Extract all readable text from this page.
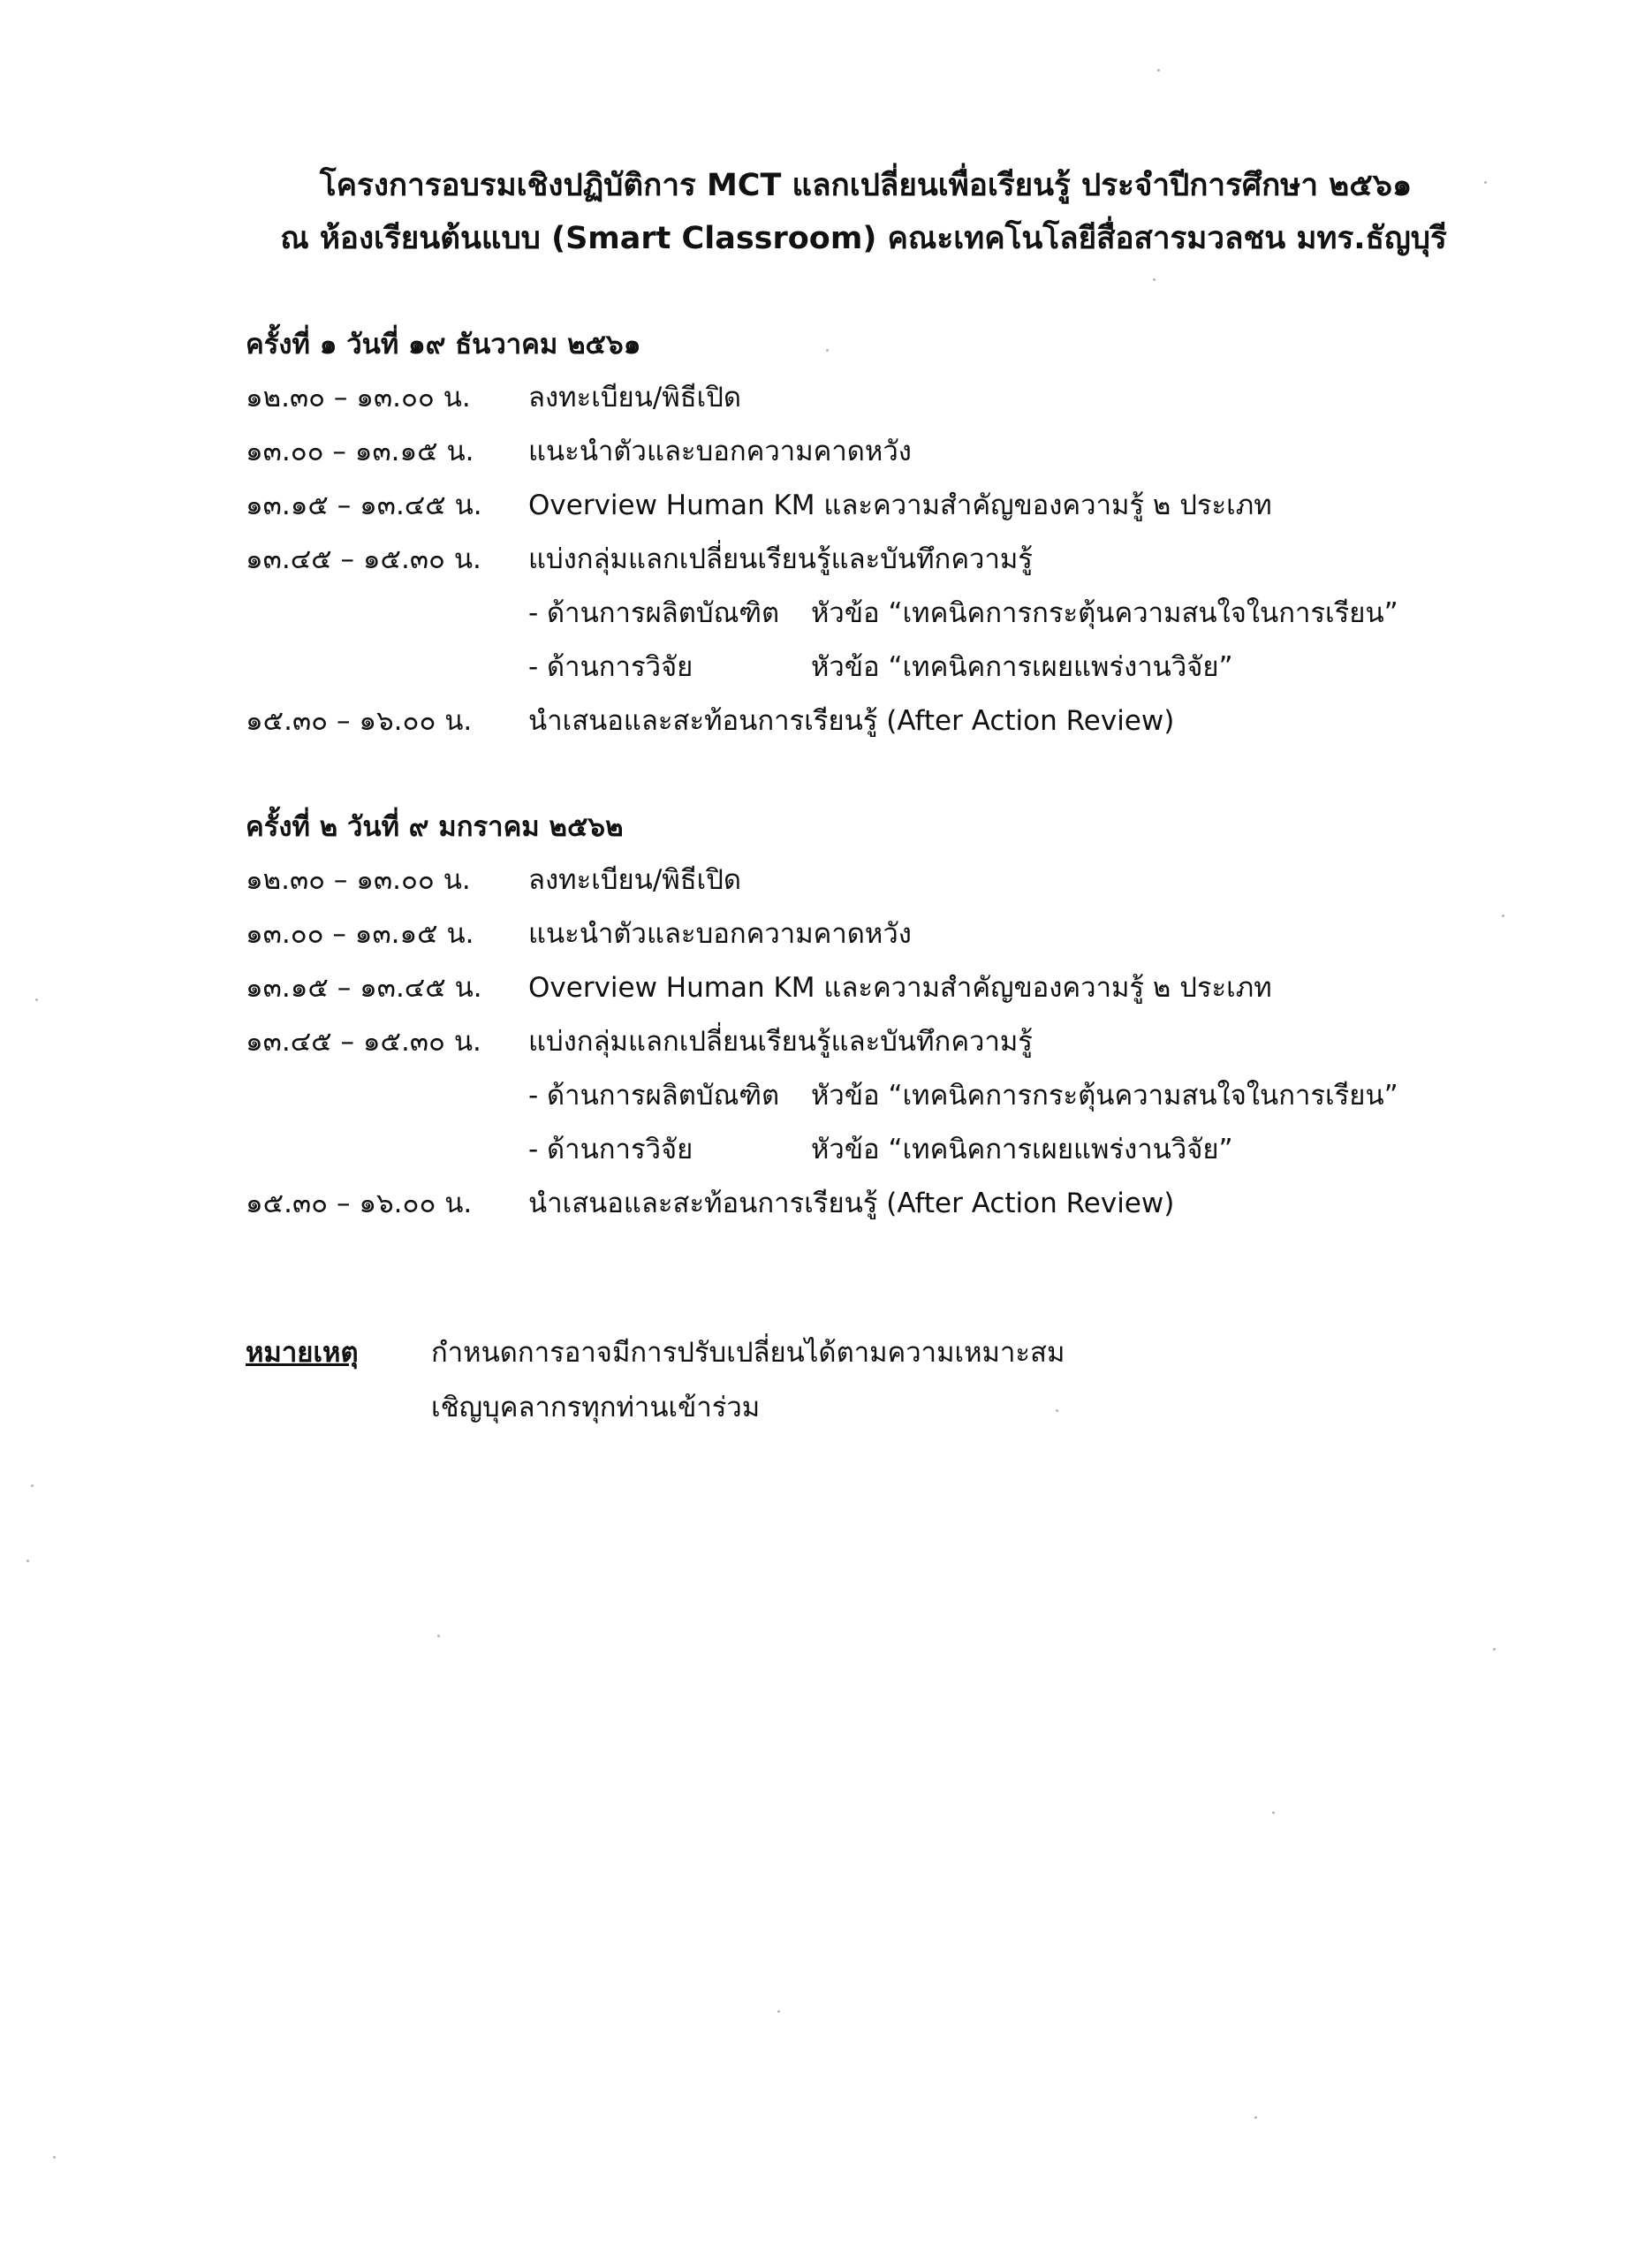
โครงการอบรมเชิงปฏิบัติการ MCT แลกเปลี่ยนเพื่อเรียนรู้ ประจำปีการศึกษา ๒๕๖๑
ณ ห้องเรียนต้นแบบ (Smart Classroom) คณะเทคโนโลยีสื่อสารมวลชน มทร.ธัญบุรี
ครั้งที่ ๑ วันที่ ๑๙ ธันวาคม ๒๕๖๑
๑๒.๓๐ – ๑๓.๐๐ น. ลงทะเบียน/พิธีเปิด
๑๓.๐๐ – ๑๓.๑๕ น. แนะนำตัวและบอกความคาดหวัง
๑๓.๑๕ – ๑๓.๔๕ น. Overview Human KM และความสำคัญของความรู้ ๒ ประเภท
๑๓.๔๕ – ๑๕.๓๐ น. แบ่งกลุ่มแลกเปลี่ยนเรียนรู้และบันทึกความรู้
- ด้านการผลิตบัณฑิต หัวข้อ “เทคนิคการกระตุ้นความสนใจในการเรียน”
- ด้านการวิจัย	หัวข้อ “เทคนิคการเผยแพร่งานวิจัย”
๑๕.๓๐ – ๑๖.๐๐ น. นำเสนอและสะท้อนการเรียนรู้ (After Action Review)
ครั้งที่ ๒ วันที่ ๙ มกราคม ๒๕๖๒
๑๒.๓๐ – ๑๓.๐๐ น. ลงทะเบียน/พิธีเปิด
๑๓.๐๐ – ๑๓.๑๕ น. แนะนำตัวและบอกความคาดหวัง
๑๓.๑๕ – ๑๓.๔๕ น. Overview Human KM และความสำคัญของความรู้ ๒ ประเภท
๑๓.๔๕ – ๑๕.๓๐ น. แบ่งกลุ่มแลกเปลี่ยนเรียนรู้และบันทึกความรู้
- ด้านการผลิตบัณฑิต หัวข้อ “เทคนิคการกระตุ้นความสนใจในการเรียน”
- ด้านการวิจัย	หัวข้อ “เทคนิคการเผยแพร่งานวิจัย”
๑๕.๓๐ – ๑๖.๐๐ น. นำเสนอและสะท้อนการเรียนรู้ (After Action Review)
หมายเหตุ	กำหนดการอาจมีการปรับเปลี่ยนได้ตามความเหมาะสม
เชิญบุคลากรทุกท่านเข้าร่วม
